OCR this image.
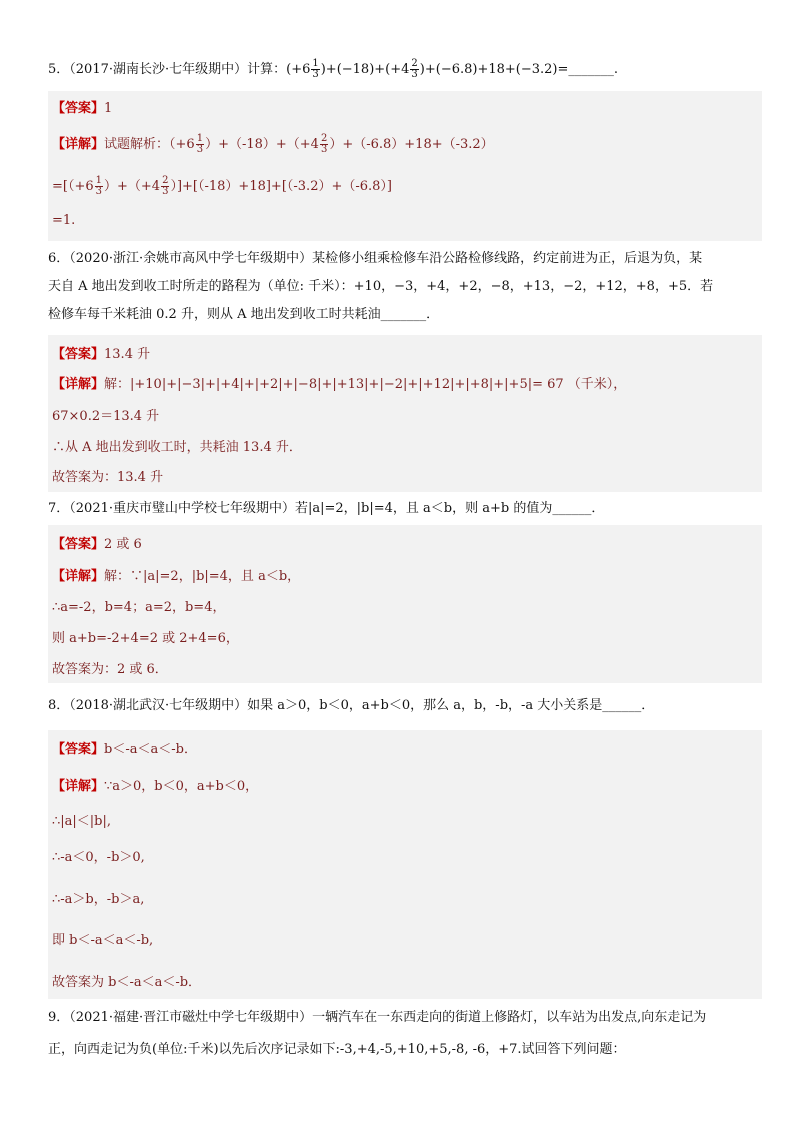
5．（2017·湖南长沙·七年级期中）计算：$(+6 \frac{1}{3} )+(-18)+(+4 \frac{2}{3}$ )+(−6.8)+18+(−3.2)=_______.
【答案】1
【详解】试题解析：$(+6 \frac{1}{3} )+(-18)+(+4 \frac{2}{3} )+(-6.8)+18+(-3.2)$
$=[(+6 \frac{1}{3} )+(+4 \frac{2}{3} )]+[(-18)+18]+[(-3.2)+(-6.8)]$
=1.
6．（2020·浙江·余姚市高风中学七年级期中）某检修小组乘检修车沿公路检修线路，约定前进为正，后退为负，某
天自 A 地出发到收工时所走的路程为（单位: 千米）：+10，−3，+4，+2，−8，+13，−2，+12，+8，+5．若
检修车每千米耗油 0.2 升，则从 A 地出发到收工时共耗油_______．
【答案】13.4 升
【详解】解：|+10|+|−3|+|+4|+|+2|+|−8|+|+13|+|−2|+|+12|+|+8|+|+5|= 67 （千米），
67×0.2＝13.4 升
∴从 A 地出发到收工时，共耗油 13.4 升．
故答案为：13.4 升
7．（2021·重庆市璧山中学校七年级期中）若|a|=2，|b|=4，且 a＜b，则 a+b 的值为______．
【答案】2 或 6
【详解】解：∵|a|=2，|b|=4，且 a＜b，
∴a=-2，b=4；a=2，b=4，
则 a+b=-2+4=2 或 2+4=6，
故答案为：2 或 6．
8．（2018·湖北武汉·七年级期中）如果 a＞0，b＜0，a+b＜0，那么 a，b，-b，-a 大小关系是______．
【答案】b＜-a＜a＜-b．
【详解】∵a＞0，b＜0，a+b＜0，
∴|a|＜|b|,
∴-a＜0，-b＞0,
∴-a＞b，-b＞a,
即 b＜-a＜a＜-b,
故答案为 b＜-a＜a＜-b．
9．（2021·福建·晋江市磁灶中学七年级期中）一辆汽车在一东西走向的街道上修路灯，以车站为出发点,向东走记为
正，向西走记为负(单位:千米)以先后次序记录如下:-3,+4,-5,+10,+5,-8, -6，+7.试回答下列问题：
